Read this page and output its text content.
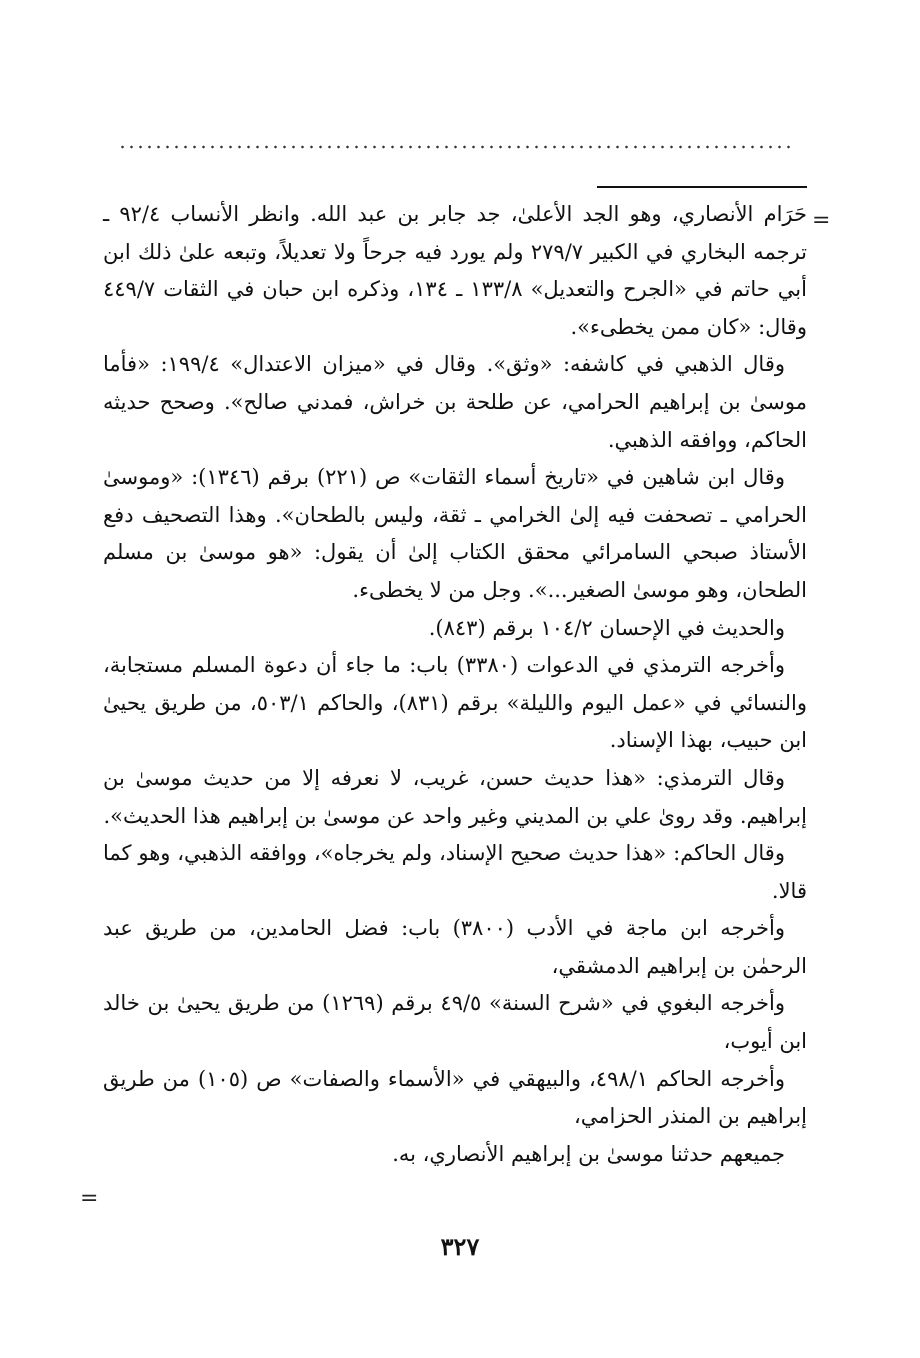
=

حَرَام الأنصاري، وهو الجد الأعلىٰ، جد جابر بن عبد الله. وانظر الأنساب ٩٢/٤ ـ ترجمه البخاري في الكبير ٢٧٩/٧ ولم يورد فيه جرحاً ولا تعديلاً، وتبعه علىٰ ذلك ابن أبي حاتم في «الجرح والتعديل» ١٣٣/٨ ـ ١٣٤، وذكره ابن حبان في الثقات ٤٤٩/٧ وقال: «كان ممن يخطىء».

وقال الذهبي في كاشفه: «وثق». وقال في «ميزان الاعتدال» ١٩٩/٤: «فأما موسىٰ بن إبراهيم الحرامي، عن طلحة بن خراش، فمدني صالح». وصحح حديثه الحاكم، ووافقه الذهبي.

وقال ابن شاهين في «تاريخ أسماء الثقات» ص (٢٢١) برقم (١٣٤٦): «وموسىٰ الحرامي ـ تصحفت فيه إلىٰ الخرامي ـ ثقة، وليس بالطحان». وهذا التصحيف دفع الأستاذ صبحي السامرائي محقق الكتاب إلىٰ أن يقول: «هو موسىٰ بن مسلم الطحان، وهو موسىٰ الصغير...». وجل من لا يخطىء.

والحديث في الإحسان ١٠٤/٢ برقم (٨٤٣).

وأخرجه الترمذي في الدعوات (٣٣٨٠) باب: ما جاء أن دعوة المسلم مستجابة، والنسائي في «عمل اليوم والليلة» برقم (٨٣١)، والحاكم ٥٠٣/١، من طريق يحيىٰ ابن حبيب، بهذا الإسناد.

وقال الترمذي: «هذا حديث حسن، غريب، لا نعرفه إلا من حديث موسىٰ بن إبراهيم. وقد روىٰ علي بن المديني وغير واحد عن موسىٰ بن إبراهيم هذا الحديث».

وقال الحاكم: «هذا حديث صحيح الإسناد، ولم يخرجاه»، ووافقه الذهبي، وهو كما قالا.

وأخرجه ابن ماجة في الأدب (٣٨٠٠) باب: فضل الحامدين، من طريق عبد الرحمٰن بن إبراهيم الدمشقي،

وأخرجه البغوي في «شرح السنة» ٤٩/٥ برقم (١٢٦٩) من طريق يحيىٰ بن خالد ابن أيوب،

وأخرجه الحاكم ٤٩٨/١، والبيهقي في «الأسماء والصفات» ص (١٠٥) من طريق إبراهيم بن المنذر الحزامي،

جميعهم حدثنا موسىٰ بن إبراهيم الأنصاري، به.

=
٣٢٧
